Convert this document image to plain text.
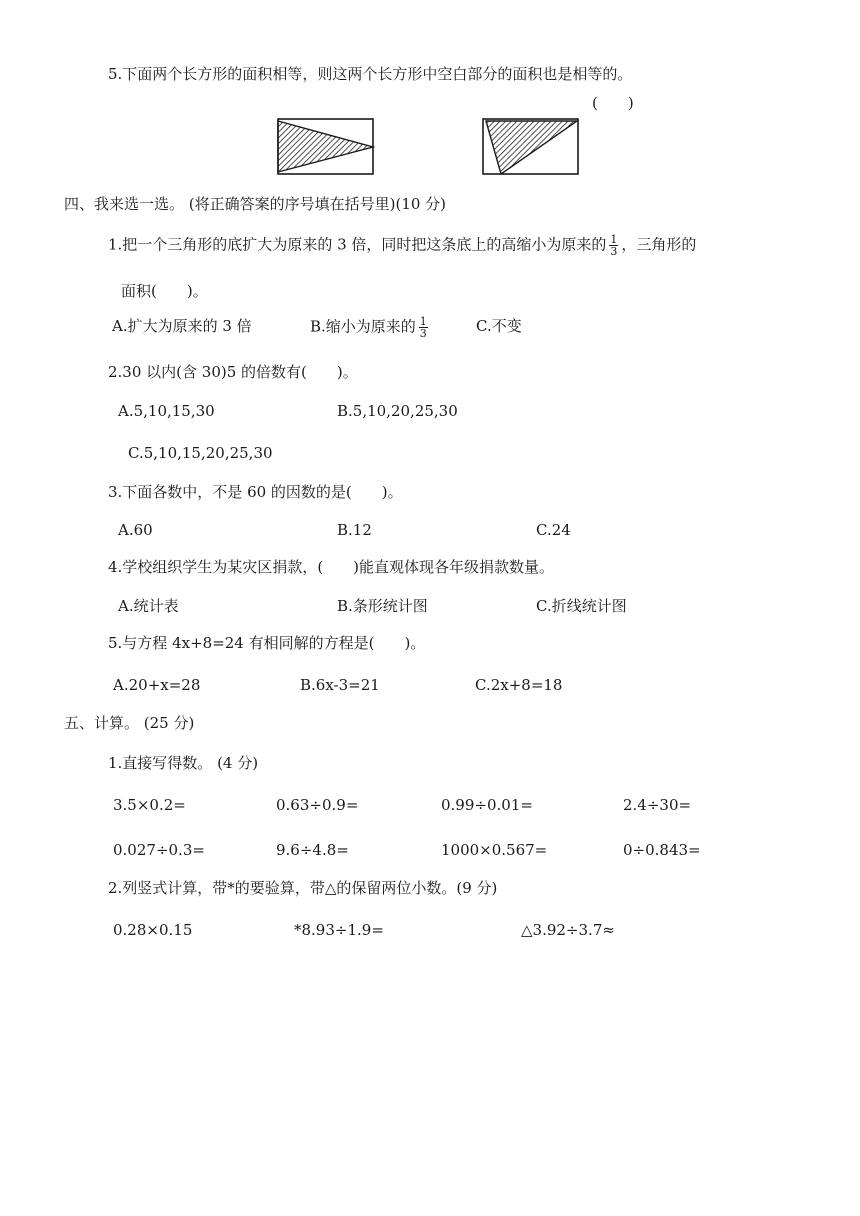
5.下面两个长方形的面积相等，则这两个长方形中空白部分的面积也是相等的。
(　　)
四、我来选一选。 (将正确答案的序号填在括号里)(10 分)
1.把一个三角形的底扩大为原来的 3 倍，同时把这条底上的高缩小为原来的 $\frac{1}{3}$ ，三角形的
面积(　　)。
A.扩大为原来的 3 倍	B.缩小为原来的 $\frac{1}{3}$	C.不变
2.30 以内(含 30)5 的倍数有(　　)。
A.5,10,15,30	B.5,10,20,25,30
C.5,10,15,20,25,30
3.下面各数中，不是 60 的因数的是(　　)。
A.60	B.12	C.24
4.学校组织学生为某灾区捐款，(　　)能直观体现各年级捐款数量。
A.统计表	B.条形统计图	C.折线统计图
5.与方程 4x+8=24 有相同解的方程是(　　)。
A.20+x=28	B.6x-3=21	C.2x+8=18
五、计算。 (25 分)
1.直接写得数。 (4 分)
3.5×0.2=	0.63÷0.9=	0.99÷0.01=	2.4÷30=
0.027÷0.3=	9.6÷4.8=	1000×0.567=	0÷0.843=
2.列竖式计算，带*的要验算，带△的保留两位小数。(9 分)
0.28×0.15	*8.93÷1.9=	△3.92÷3.7≈
